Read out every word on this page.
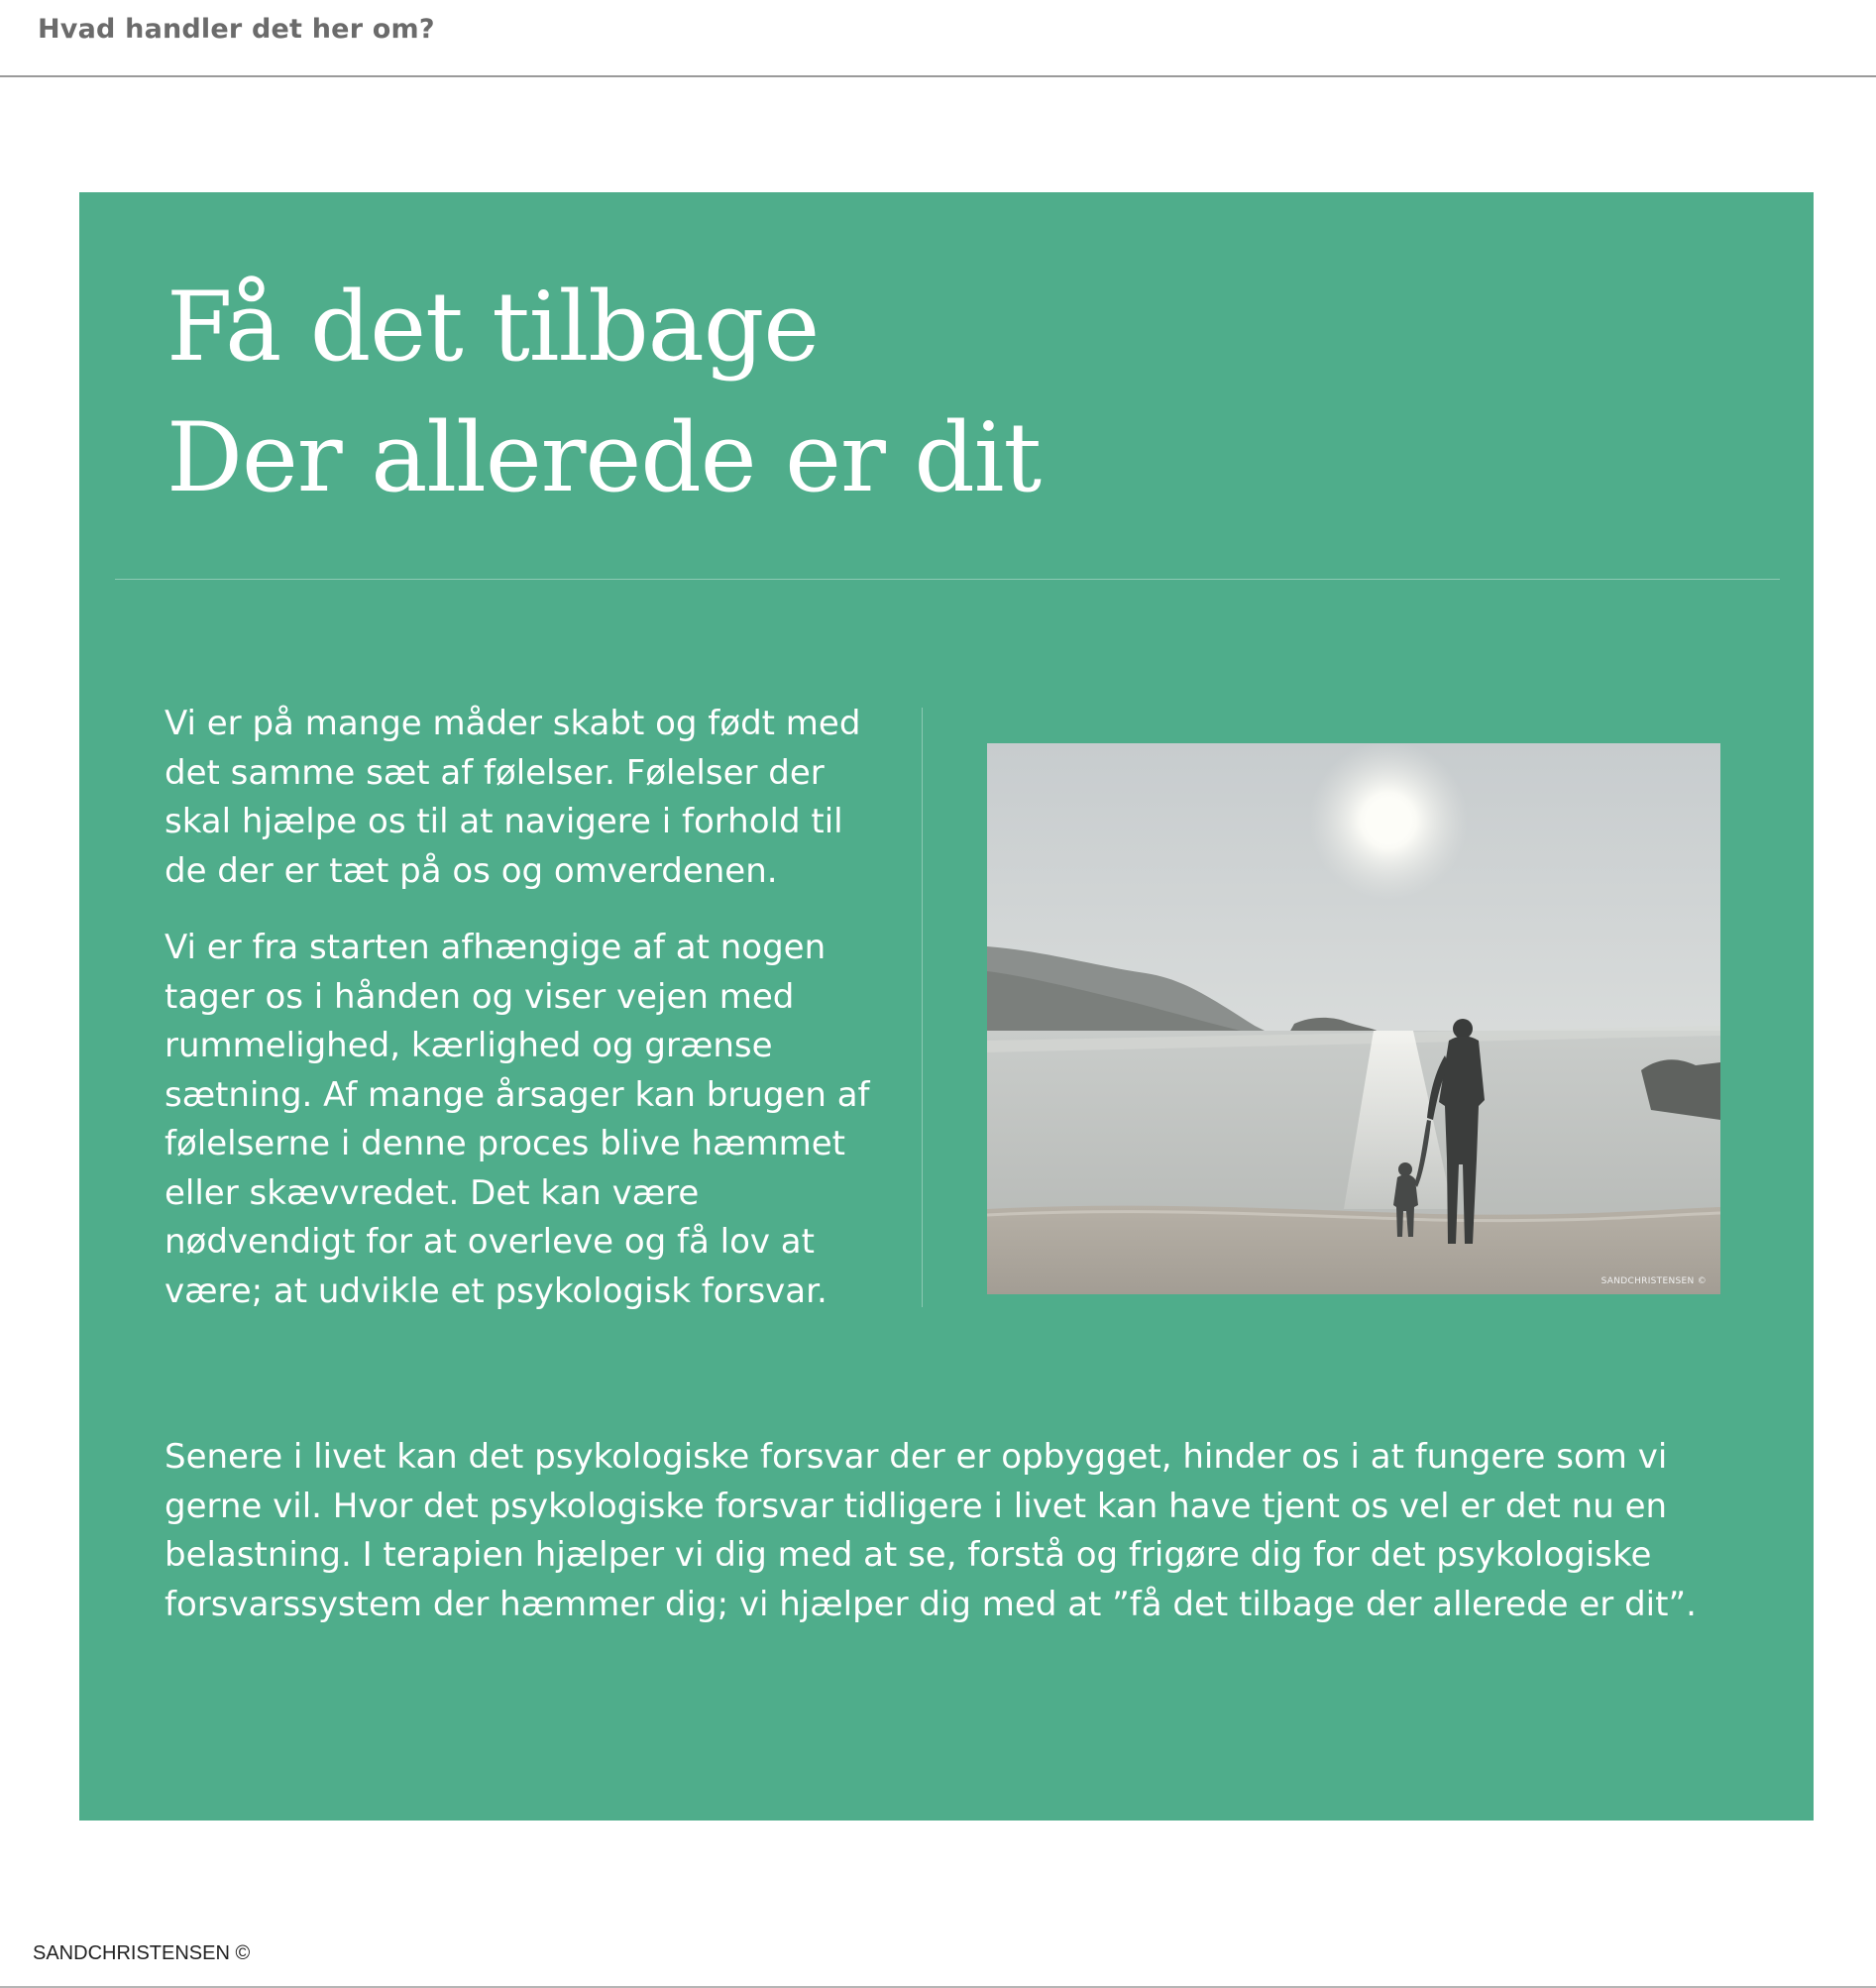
Hvad handler det her om?
Få det tilbage
Der allerede er dit

Vi er på mange måder skabt og født med det samme sæt af følelser. Følelser der skal hjælpe os til at navigere i forhold til de der er tæt på os og omverdenen.

Vi er fra starten afhængige af at nogen tager os i hånden og viser vejen med rummelighed, kærlighed og grænse sætning. Af mange årsager kan brugen af følelserne i denne proces blive hæmmet eller skævvredet. Det kan være nødvendigt for at overleve og få lov at være; at udvikle et psykologisk forsvar.	SANDCHRISTENSEN ©
Senere i livet kan det psykologiske forsvar der er opbygget, hinder os i at fungere som vi gerne vil. Hvor det psykologiske forsvar tidligere i livet kan have tjent os vel er det nu en belastning. I terapien hjælper vi dig med at se, forstå og frigøre dig for det psykologiske forsvarssystem der hæmmer dig; vi hjælper dig med at ”få det tilbage der allerede er dit”.
SANDCHRISTENSEN ©
